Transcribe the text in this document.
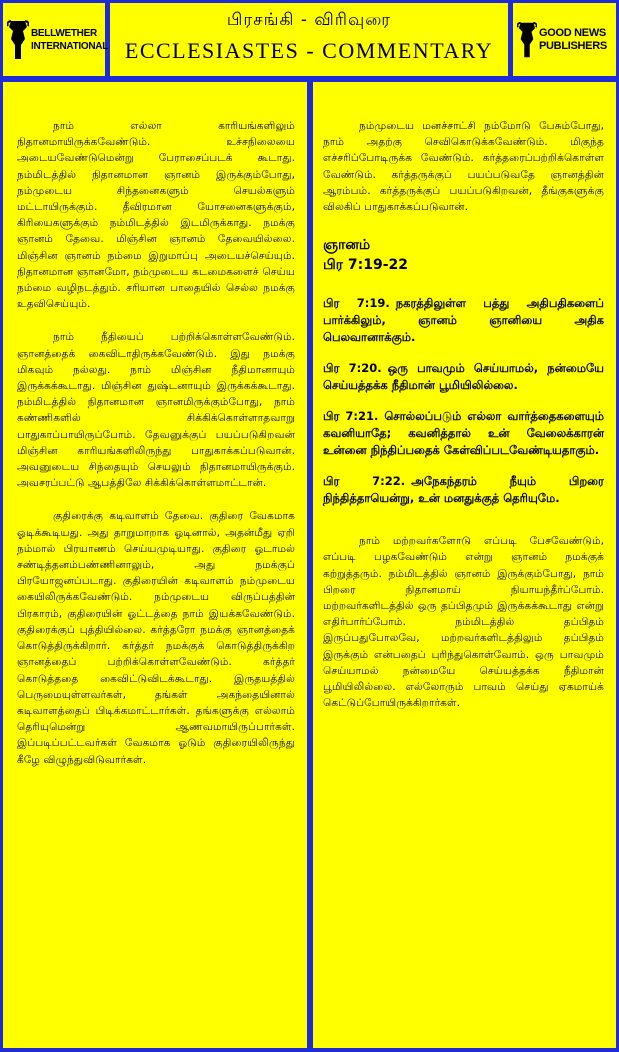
BELLWETHER
INTERNATIONAL
பிரசங்கி - விரிவுரை
ECCLESIASTES - COMMENTARY
GOOD NEWS
PUBLISHERS

நாம் எல்லா காரியங்களிலும் நிதானமாயிருக்கவேண்டும். உச்சநிலையை அடையவேண்டுமென்று பேராசைப்படக் கூடாது. நம்மிடத்தில் நிதானமான ஞானம் இருக்கும்போது, நம்முடைய சிந்தனைகளும் செயல்களும் மட்டாயிருக்கும். தீவிரமான யோசனைகளுக்கும், கிரியைகளுக்கும் நம்மிடத்தில் இடமிருக்காது. நமக்கு ஞானம் தேவை. மிஞ்சின ஞானம் தேவையில்லை. மிஞ்சின ஞானம் நம்மை இறுமாப்பு அடையச்செய்யும். நிதானமான ஞானமோ, நம்முடைய கடமைகளைச் செய்ய நம்மை வழிநடத்தும். சரியான பாதையில் செல்ல நமக்கு உதவிசெய்யும்.

நாம் நீதியைப் பற்றிக்கொள்ளவேண்டும். ஞானத்தைக் கைவிடாதிருக்கவேண்டும். இது நமக்கு மிகவும் நல்லது. நாம் மிஞ்சின நீதிமானாயும் இருக்கக்கூடாது. மிஞ்சின துஷ்டனாயும் இருக்கக்கூடாது. நம்மிடத்தில் நிதானமான ஞானமிருக்கும்போது, நாம் கண்ணிகளில் சிக்கிக்கொள்ளாதவாறு பாதுகாப்பாயிருப்போம். தேவனுக்குப் பயப்படுகிறவன் மிஞ்சின காரியங்களிலிருந்து பாதுகாக்கப்படுவான். அவனுடைய சிந்தையும் செயலும் நிதானமாயிருக்கும். அவசரப்பட்டு ஆபத்திலே சிக்கிக்கொள்ளமாட்டான்.

குதிரைக்கு கடிவாளம் தேவை. குதிரை வேகமாக ஓடிக்கூடியது. அது தாறுமாறாக ஓடினால், அதன்மீது ஏறி நம்மால் பிரயாணம் செய்யமுடியாது. குதிரை ஓடாமல் சண்டித்தனம்பண்ணினாலும், அது நமக்குப் பிரயோஜனப்படாது. குதிரையின் கடிவாளம் நம்முடைய கையிலிருக்கவேண்டும். நம்முடைய விருப்பத்தின் பிரகாரம், குதிரையின் ஓட்டத்தை நாம் இயக்கவேண்டும். குதிரைக்குப் புத்தியில்லை. கர்த்தரோ நமக்கு ஞானத்தைக் கொடுத்திருக்கிறார். கர்த்தர் நமக்குக் கொடுத்திருக்கிற ஞானத்தைப் பற்றிக்கொள்ளவேண்டும். கர்த்தர் கொடுத்ததை கைவிட்டுவிடக்கூடாது. இருதயத்தில் பெருமையுள்ளவர்கள், தங்கள் அகந்தையினால் கடிவாளத்தைப் பிடிக்கமாட்டார்கள். தங்களுக்கு எல்லாம் தெரியுமென்று ஆணவமாயிருப்பார்கள். இப்படிப்பட்டவர்கள் வேகமாக ஓடும் குதிரையிலிருந்து கீழே விழுந்துவிடுவார்கள்.

நம்முடைய மனச்சாட்சி நம்மோடு பேசும்போது, நாம் அதற்கு செவிகொடுக்கவேண்டும். மிகுந்த எச்சரிப்போடிருக்க வேண்டும். கர்த்தரைப்பற்றிக்கொள்ள வேண்டும். கர்த்தருக்குப் பயப்படுவதே ஞானத்தின் ஆரம்பம். கர்த்தருக்குப் பயப்படுகிறவன், தீங்குகளுக்கு விலகிப் பாதுகாக்கப்படுவான்.

ஞானம்
பிர 7:19-22

பிர 7:19. நகரத்திலுள்ள பத்து அதிபதிகளைப் பார்க்கிலும், ஞானம் ஞானியை அதிக பெலவானாக்கும்.

பிர 7:20. ஒரு பாவமும் செய்யாமல், நன்மையே செய்யத்தக்க நீதிமான் பூமியிலில்லை.

பிர 7:21. சொல்லப்படும் எல்லா வார்த்தைகளையும் கவனியாதே; கவனித்தால் உன் வேலைக்காரன் உன்னை நிந்திப்பதைக் கேள்விப்படவேண்டியதாகும்.

பிர 7:22. அநேகந்தரம் நீயும் பிறரை நிந்தித்தாயென்று, உன் மனதுக்குத் தெரியுமே.

நாம் மற்றவர்களோடு எப்படி பேசவேண்டும், எப்படி பழகவேண்டும் என்று ஞானம் நமக்குக் கற்றுத்தரும். நம்மிடத்தில் ஞானம் இருக்கும்போது, நாம் பிறரை நிதானமாய் நியாயந்தீர்ப்போம். மற்றவர்களிடத்தில் ஒரு தப்பிதமும் இருக்கக்கூடாது என்று எதிர்பார்ப்போம். நம்மிடத்தில் தப்பிதம் இருப்பதுபோலவே, மற்றவர்களிடத்திலும் தப்பிதம் இருக்கும் என்பதைப் புரிந்துகொள்வோம். ஒரு பாவமும் செய்யாமல் நன்மையே செய்யத்தக்க நீதிமான் பூமியிலில்லை. எல்லோரும் பாவம் செய்து ஏகமாய்க் கெட்டுப்போயிருக்கிறார்கள்.
